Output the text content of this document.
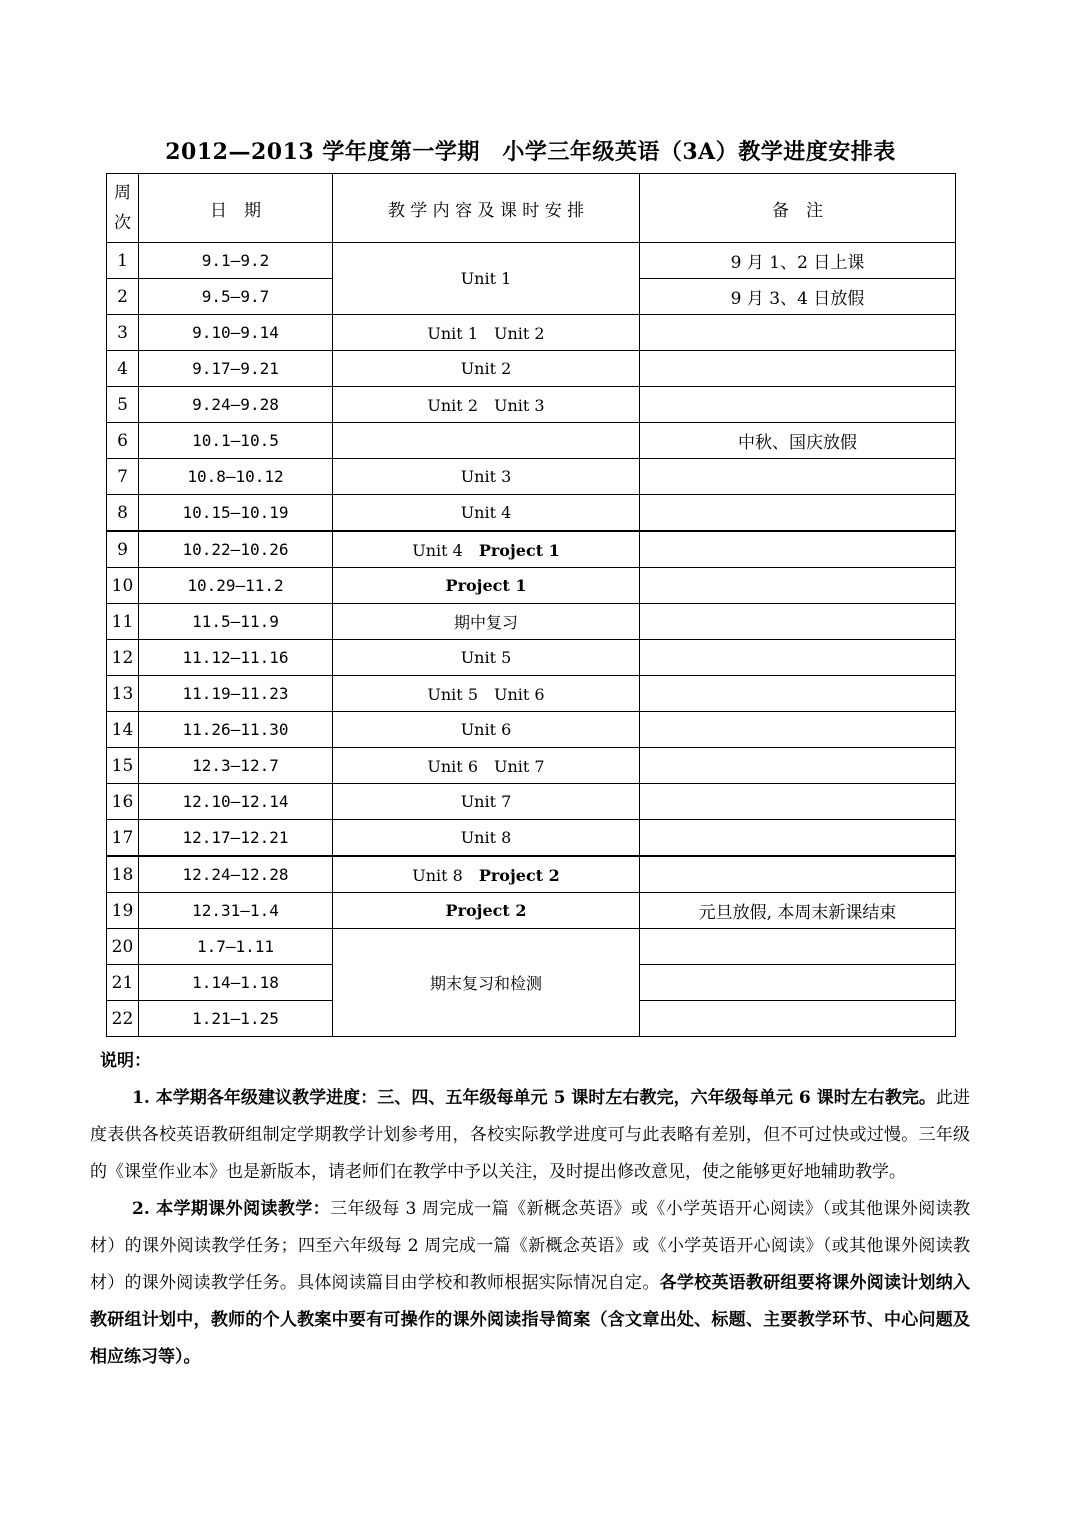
2012—2013 学年度第一学期　小学三年级英语（3A）教学进度安排表
周次	日　期	教 学 内 容 及 课 时 安 排	备　注
1	9.1—9.2	Unit 1	9 月 1、2 日上课
2	9.5—9.7		9 月 3、4 日放假
3	9.10—9.14	Unit 1　Unit 2	
4	9.17—9.21	Unit 2	
5	9.24—9.28	Unit 2　Unit 3	
6	10.1—10.5		中秋、国庆放假
7	10.8—10.12	Unit 3	
8	10.15—10.19	Unit 4	
9	10.22—10.26	Unit 4　 Project 1	
10	10.29—11.2	Project 1	
11	11.5—11.9	期中复习	
12	11.12—11.16	Unit 5	
13	11.19—11.23	Unit 5　Unit 6	
14	11.26—11.30	Unit 6	
15	12.3—12.7	Unit 6　Unit 7	
16	12.10—12.14	Unit 7	
17	12.17—12.21	Unit 8	
18	12.24—12.28	Unit 8　 Project 2	
19	12.31—1.4	Project 2	元旦放假, 本周末新课结束
20	1.7—1.11	期末复习和检测	
21	1.14—1.18		
22	1.21—1.25		
说明：

1. 本学期各年级建议教学进度：三、四、五年级每单元 5 课时左右教完，六年级每单元 6 课时左右教完。此进度表供各校英语教研组制定学期教学计划参考用，各校实际教学进度可与此表略有差别，但不可过快或过慢。三年级的《课堂作业本》也是新版本，请老师们在教学中予以关注，及时提出修改意见，使之能够更好地辅助教学。

2. 本学期课外阅读教学：三年级每 3 周完成一篇《新概念英语》或《小学英语开心阅读》（或其他课外阅读教材）的课外阅读教学任务；四至六年级每 2 周完成一篇《新概念英语》或《小学英语开心阅读》（或其他课外阅读教材）的课外阅读教学任务。具体阅读篇目由学校和教师根据实际情况自定。各学校英语教研组要将课外阅读计划纳入教研组计划中，教师的个人教案中要有可操作的课外阅读指导简案（含文章出处、标题、主要教学环节、中心问题及相应练习等）。
